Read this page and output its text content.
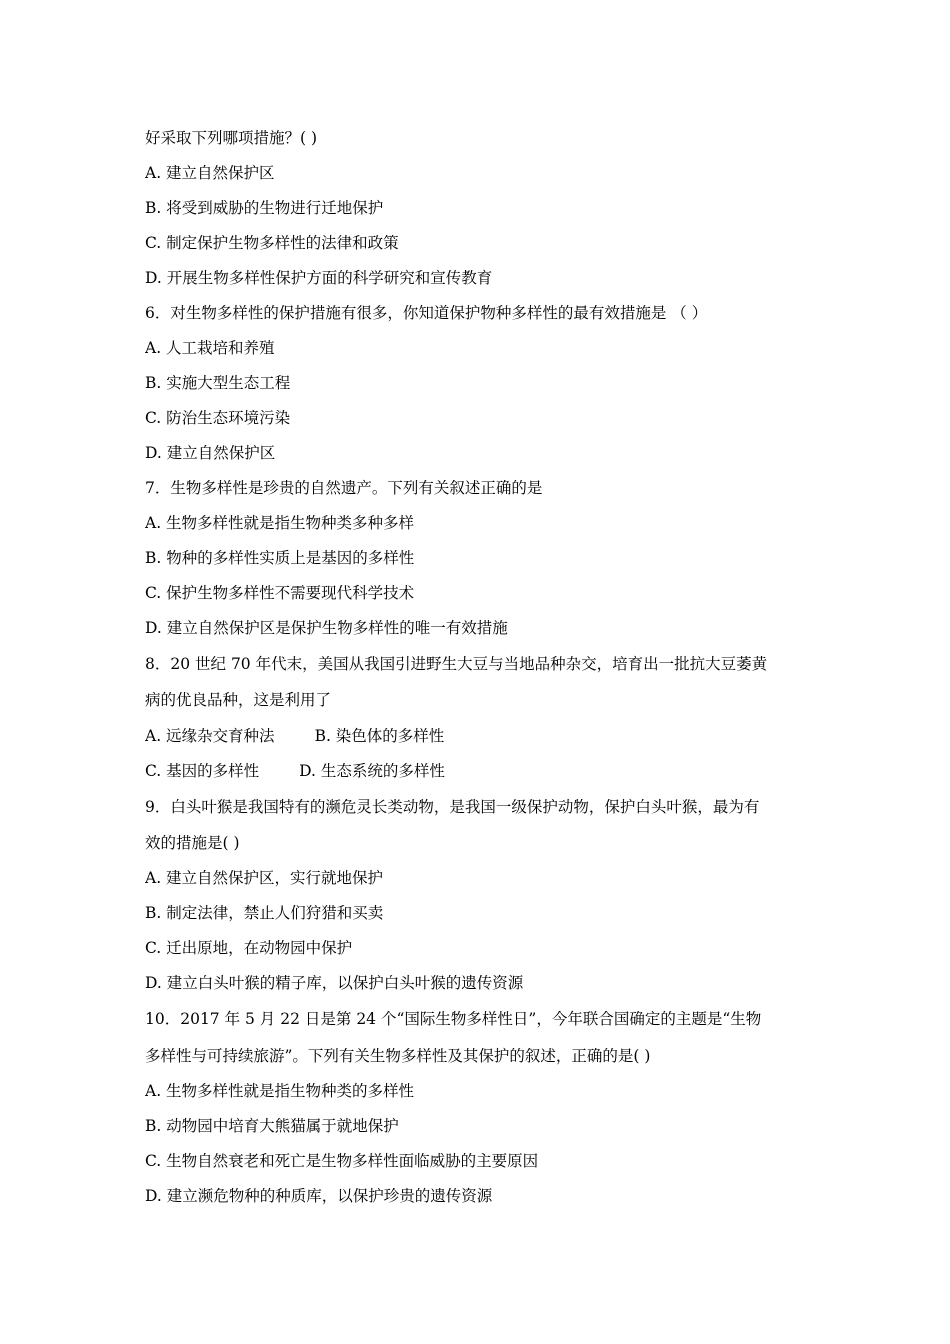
好采取下列哪项措施？( )
A. 建立自然保护区
B. 将受到威胁的生物进行迁地保护
C. 制定保护生物多样性的法律和政策
D. 开展生物多样性保护方面的科学研究和宣传教育
6．对生物多样性的保护措施有很多，你知道保护物种多样性的最有效措施是 （ ）
A. 人工栽培和养殖
B. 实施大型生态工程
C. 防治生态环境污染
D. 建立自然保护区
7．生物多样性是珍贵的自然遗产。下列有关叙述正确的是
A. 生物多样性就是指生物种类多种多样
B. 物种的多样性实质上是基因的多样性
C. 保护生物多样性不需要现代科学技术
D. 建立自然保护区是保护生物多样性的唯一有效措施
8．20 世纪 70 年代末，美国从我国引进野生大豆与当地品种杂交，培育出一批抗大豆萎黄
病的优良品种，这是利用了
A. 远缘杂交育种法	B. 染色体的多样性
C. 基因的多样性	D. 生态系统的多样性
9．白头叶猴是我国特有的濒危灵长类动物，是我国一级保护动物，保护白头叶猴，最为有
效的措施是( )
A. 建立自然保护区，实行就地保护
B. 制定法律，禁止人们狩猎和买卖
C. 迁出原地，在动物园中保护
D. 建立白头叶猴的精子库，以保护白头叶猴的遗传资源
10．2017 年 5 月 22 日是第 24 个“国际生物多样性日”，今年联合国确定的主题是“生物
多样性与可持续旅游”。下列有关生物多样性及其保护的叙述，正确的是( )
A. 生物多样性就是指生物种类的多样性
B. 动物园中培育大熊猫属于就地保护
C. 生物自然衰老和死亡是生物多样性面临威胁的主要原因
D. 建立濒危物种的种质库，以保护珍贵的遗传资源
